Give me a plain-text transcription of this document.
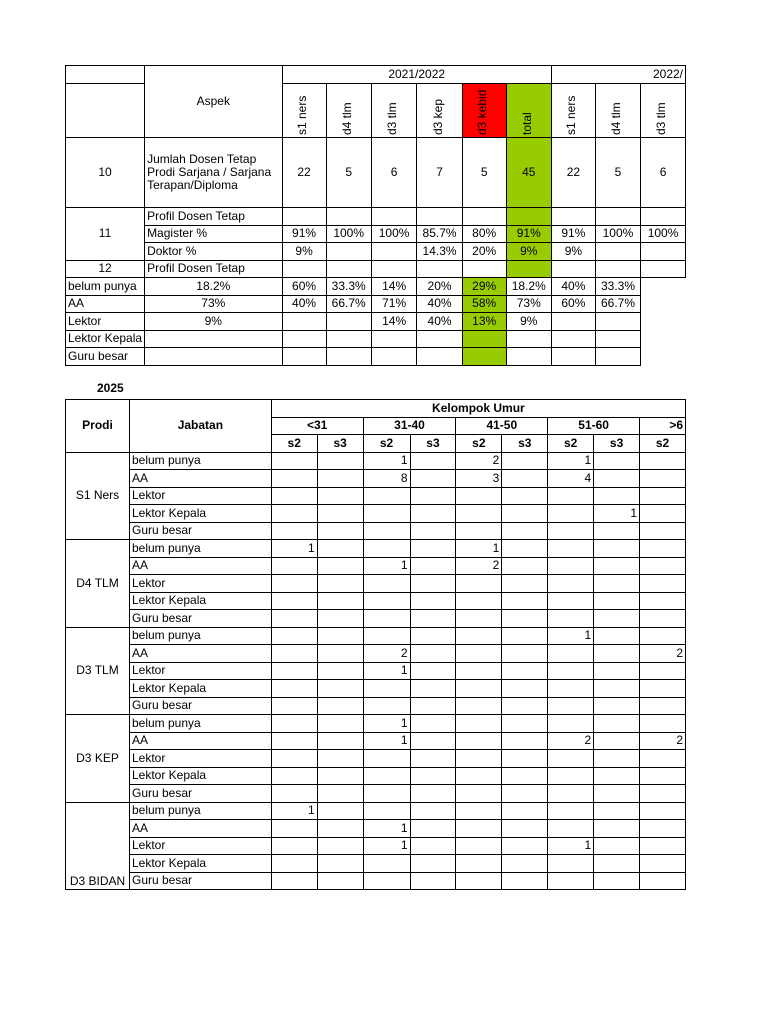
	Aspek	2021/2022						2022/		

		s1 ners	d4 tlm	d3 tlm	d3 kep	d3 kebid	total	s1 ners	d4 tlm	d3 tlm

10	Jumlah Dosen Tetap Prodi Sarjana / Sarjana Terapan/Diploma	22	5	6	7	5	45	22	5	6
11	Profil Dosen Tetap									
	Magister %	91%	100%	100%	85.7%	80%	91%	91%	100%	100%
	Doktor %	9%			14.3%	20%	9%	9%		
12	Profil Dosen Tetap									
belum punya	18.2%	60%	33.3%	14%	20%	29%	18.2%	40%	33.3%	
AA	73%	40%	66.7%	71%	40%	58%	73%	60%	66.7%	
Lektor	9%			14%	40%	13%	9%			
Lektor Kepala										
Guru besar										
2025
Prodi	Jabatan	Kelompok Umur								
		<31		31-40		41-50		51-60		>6
		s2	s3	s2	s3	s2	s3	s2	s3	s2
S1 Ners	belum punya			1		2		1		
	AA			8		3		4		
	Lektor									
	Lektor Kepala								1	
	Guru besar									
D4 TLM	belum punya	1				1				
	AA			1		2				
	Lektor									
	Lektor Kepala									
	Guru besar									
D3 TLM	belum punya							1		
	AA			2						2
	Lektor			1						
	Lektor Kepala									
	Guru besar									
D3 KEP	belum punya			1						
	AA			1				2		2
	Lektor									
	Lektor Kepala									
	Guru besar									
D3 BIDAN	belum punya	1								
	AA			1						
	Lektor			1				1		
	Lektor Kepala									
	Guru besar									
